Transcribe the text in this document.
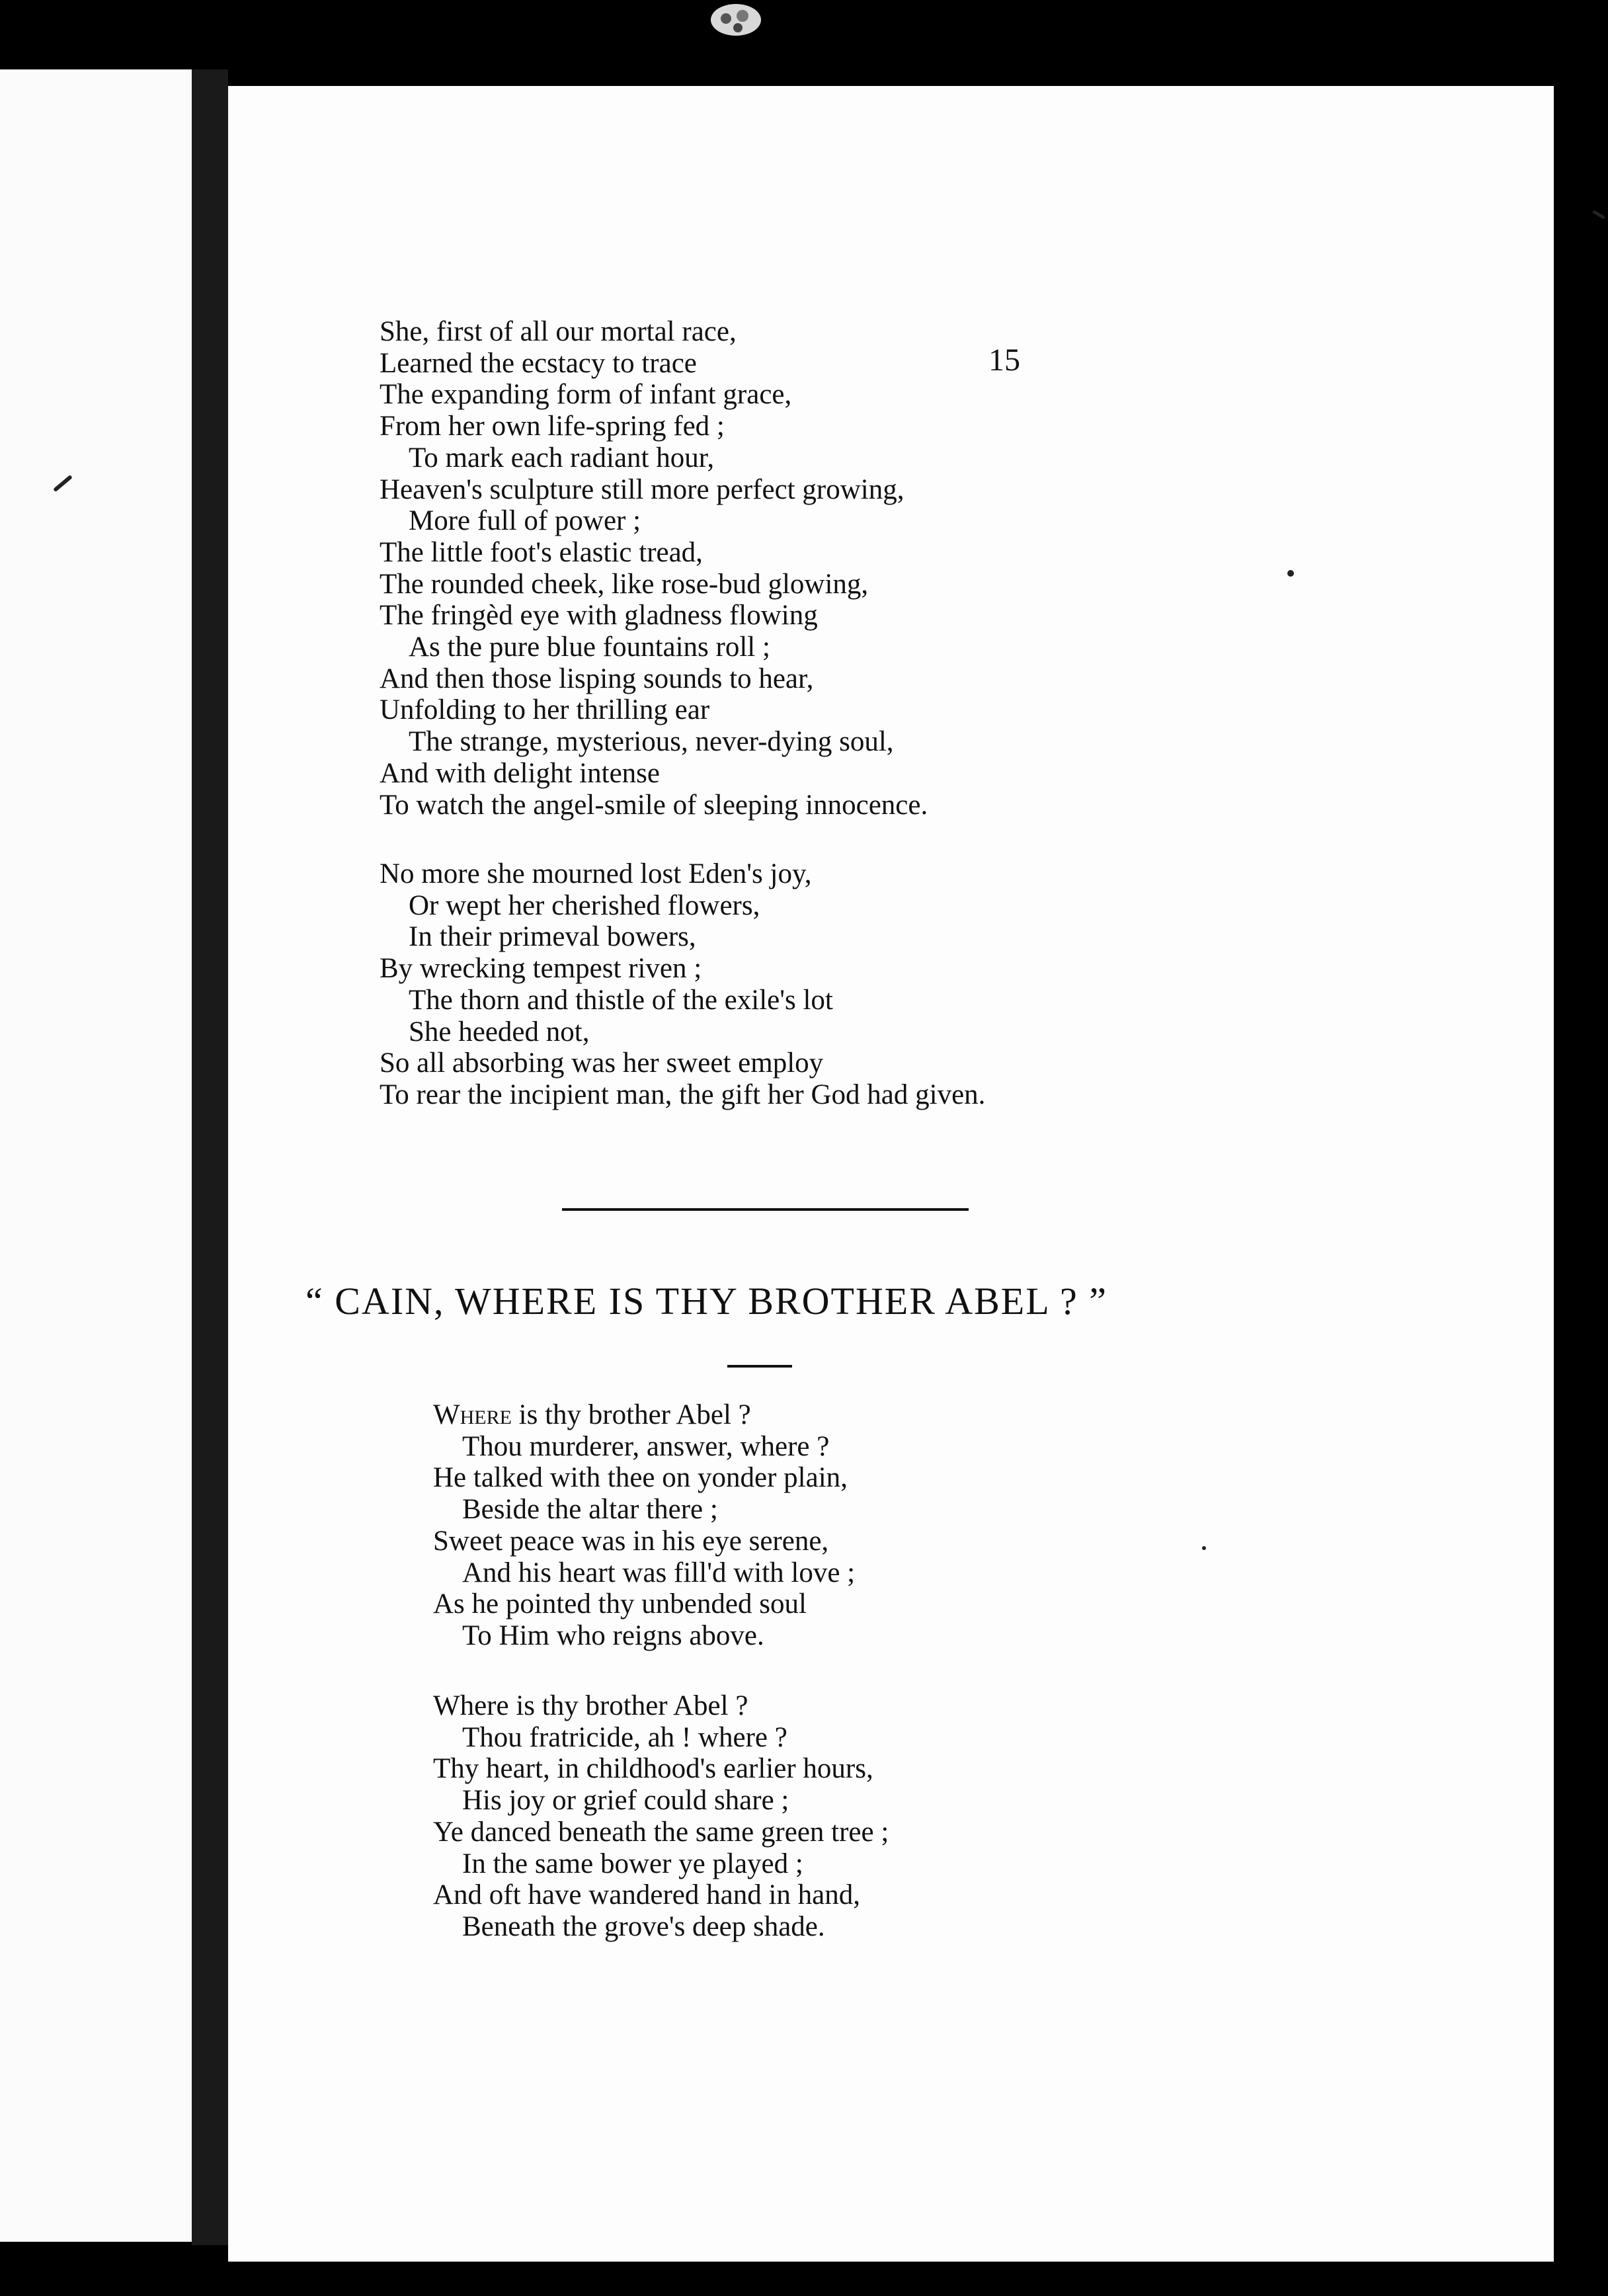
15
She, first of all our mortal race,
Learned the ecstacy to trace
The expanding form of infant grace,
From her own life-spring fed ;
To mark each radiant hour,
Heaven's sculpture still more perfect growing,
More full of power ;
The little foot's elastic tread,
The rounded cheek, like rose-bud glowing,
The fringèd eye with gladness flowing
As the pure blue fountains roll ;
And then those lisping sounds to hear,
Unfolding to her thrilling ear
The strange, mysterious, never-dying soul,
And with delight intense
To watch the angel-smile of sleeping innocence.
No more she mourned lost Eden's joy,
Or wept her cherished flowers,
In their primeval bowers,
By wrecking tempest riven ;
The thorn and thistle of the exile's lot
She heeded not,
So all absorbing was her sweet employ
To rear the incipient man, the gift her God had given.
“ CAIN, WHERE IS THY BROTHER ABEL ? ”
Where is thy brother Abel ?
Thou murderer, answer, where ?
He talked with thee on yonder plain,
Beside the altar there ;
Sweet peace was in his eye serene,
And his heart was fill'd with love ;
As he pointed thy unbended soul
To Him who reigns above.
Where is thy brother Abel ?
Thou fratricide, ah ! where ?
Thy heart, in childhood's earlier hours,
His joy or grief could share ;
Ye danced beneath the same green tree ;
In the same bower ye played ;
And oft have wandered hand in hand,
Beneath the grove's deep shade.
